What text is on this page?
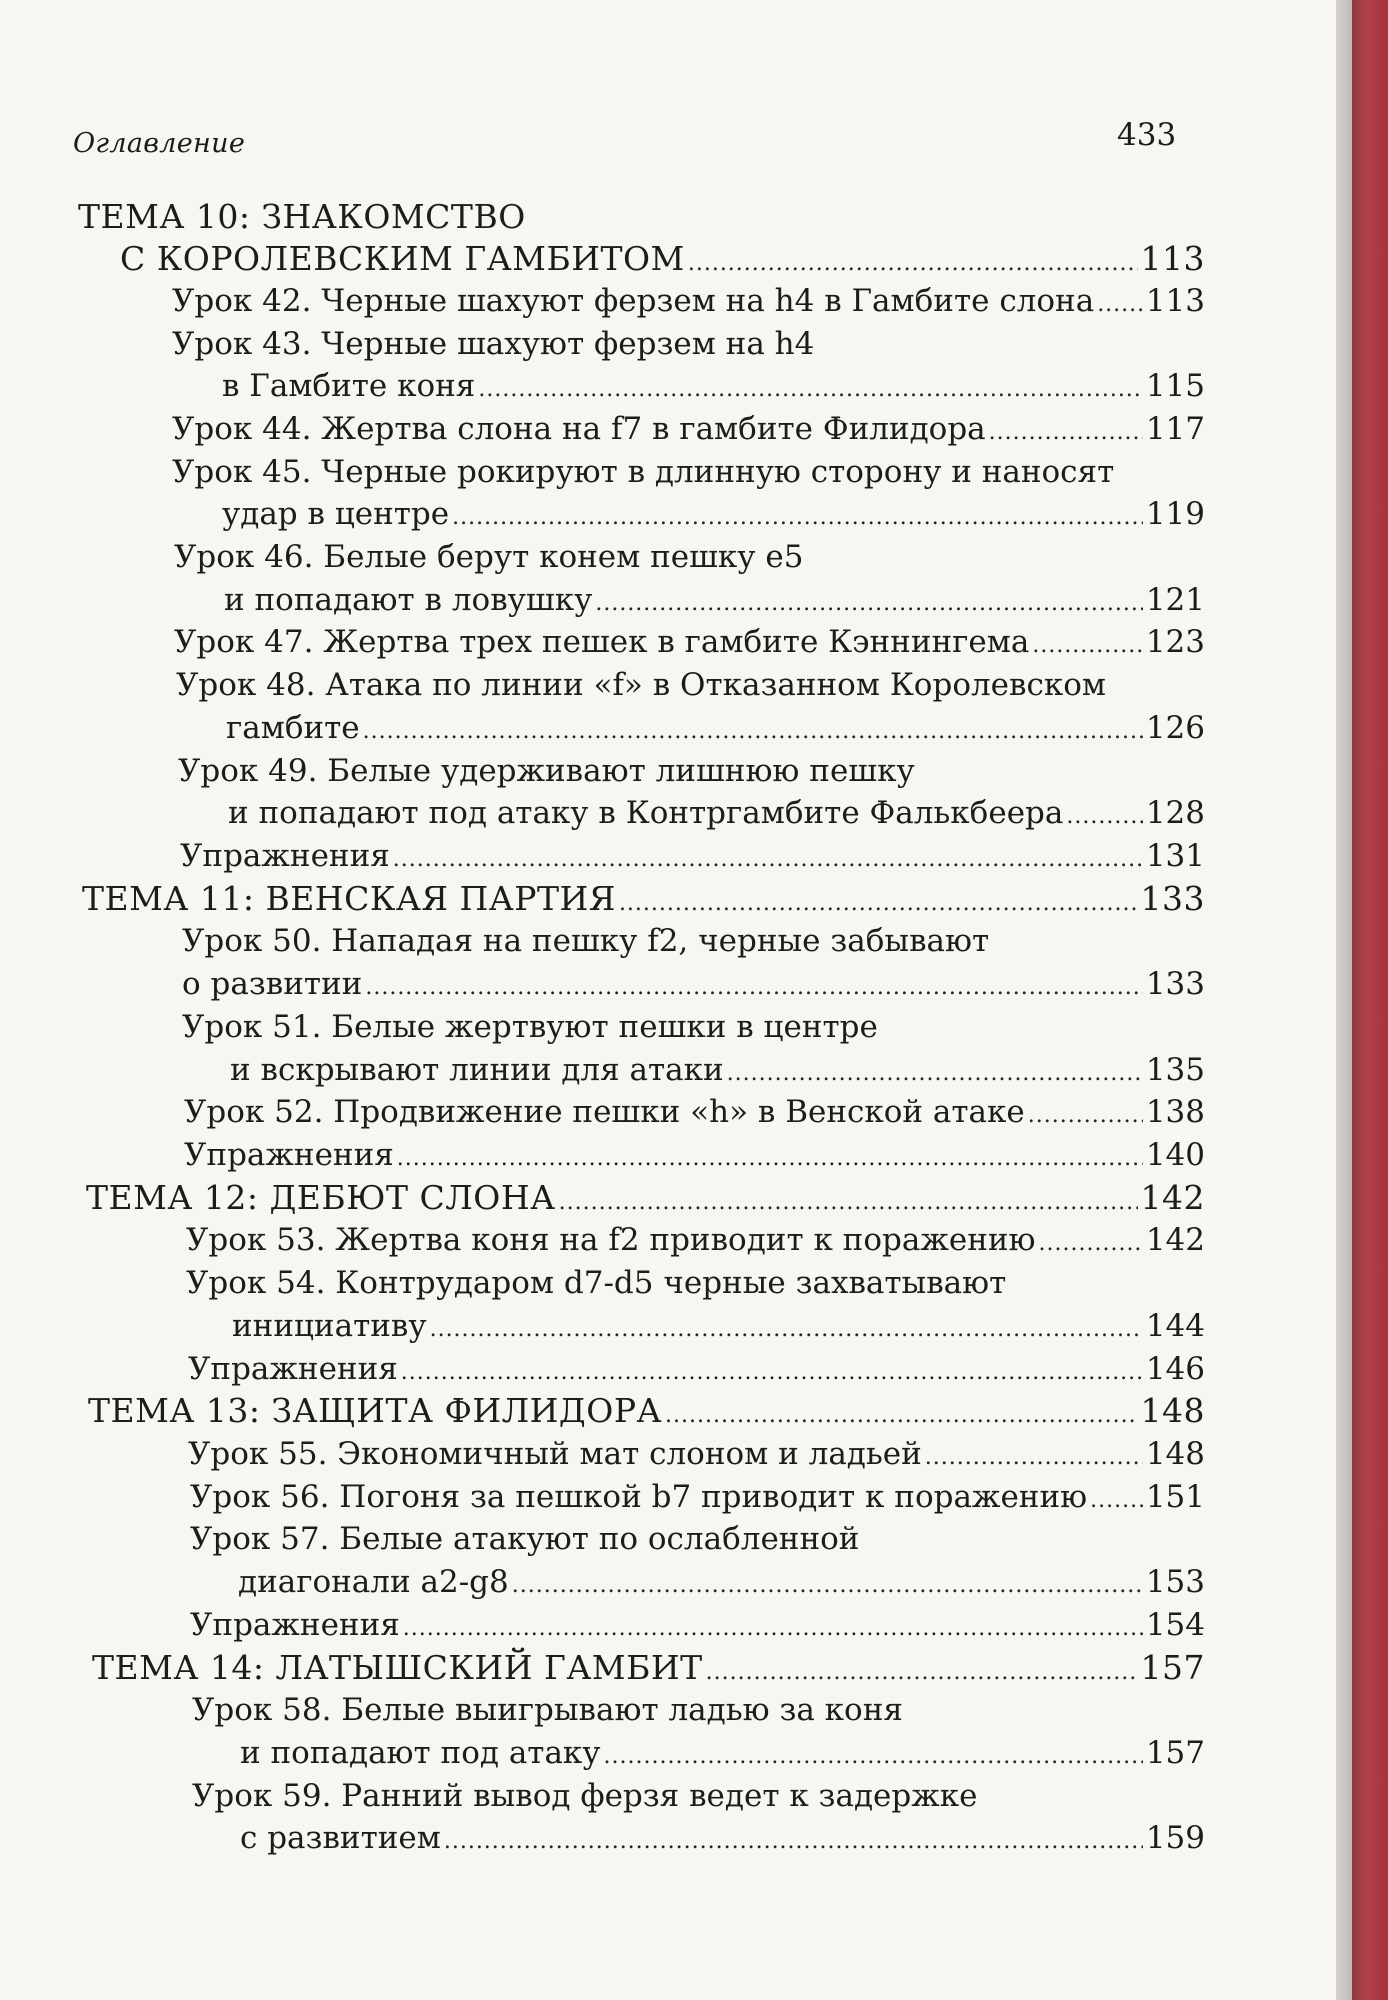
Оглавление	433
ТЕМА 10: ЗНАКОМСТВО
С КОРОЛЕВСКИМ ГАМБИТОМ .....	113
Урок 42. Черные шахуют ферзем на h4 в Гамбите слона ..... 113
Урок 43. Черные шахуют ферзем на h4
в Гамбите коня .....	115
Урок 44. Жертва слона на f7 в гамбите Филидора .....	117
Урок 45. Черные рокируют в длинную сторону и наносят
удар в центре .....	119
Урок 46. Белые берут конем пешку е5
и попадают в ловушку .....	121
Урок 47. Жертва трех пешек в гамбите Кэннингема .....	123
Урок 48. Атака по линии «f» в Отказанном Королевском
гамбите .....	126
Урок 49. Белые удерживают лишнюю пешку
и попадают под атаку в Контргамбите Фалькбеера .....	128
Упражнения .....	131
ТЕМА 11: ВЕНСКАЯ ПАРТИЯ .....	133
Урок 50. Нападая на пешку f2, черные забывают
о развитии .....	133
Урок 51. Белые жертвуют пешки в центре
и вскрывают линии для атаки .....	135
Урок 52. Продвижение пешки «h» в Венской атаке .....	138
Упражнения .....	140
ТЕМА 12: ДЕБЮТ СЛОНА .....	142
Урок 53. Жертва коня на f2 приводит к поражению .....	142
Урок 54. Контрударом d7-d5 черные захватывают
инициативу .....	144
Упражнения .....	146
ТЕМА 13: ЗАЩИТА ФИЛИДОРА .....	148
Урок 55. Экономичный мат слоном и ладьей .....	148
Урок 56. Погоня за пешкой b7 приводит к поражению ..... 151
Урок 57. Белые атакуют по ослабленной
диагонали а2-g8 .....	153
Упражнения .....	154
ТЕМА 14: ЛАТЫШСКИЙ ГАМБИТ .....	157
Урок 58. Белые выигрывают ладью за коня
и попадают под атаку .....	157
Урок 59. Ранний вывод ферзя ведет к задержке
с развитием .....	159
